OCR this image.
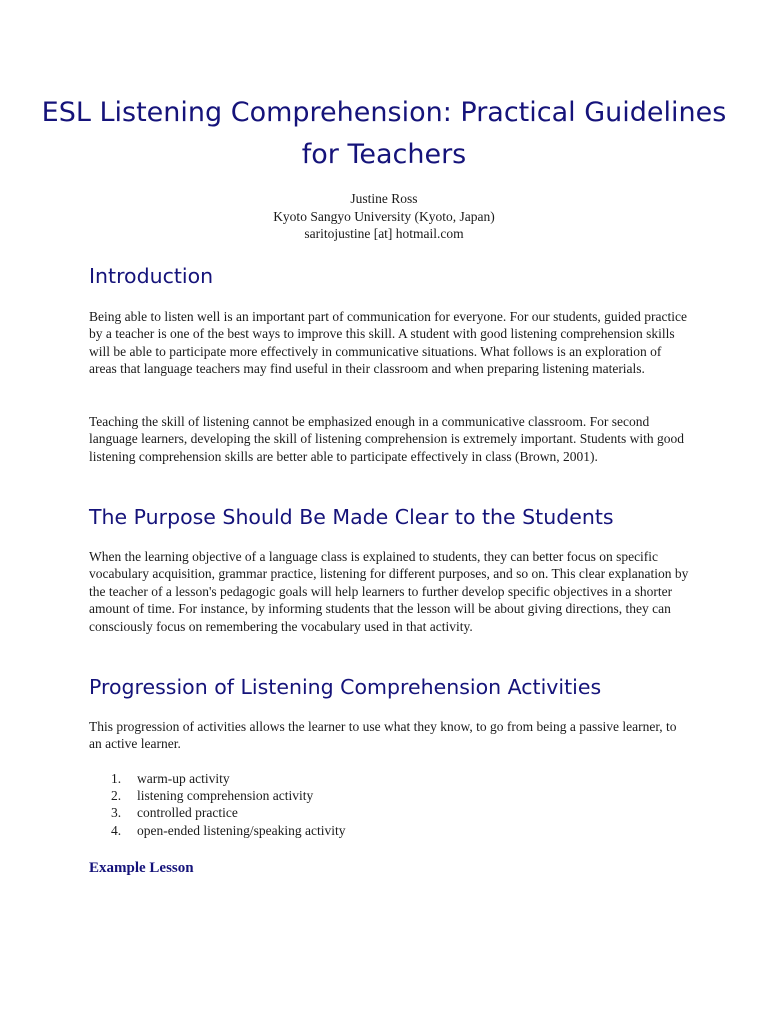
ESL Listening Comprehension: Practical Guidelines for Teachers
Justine Ross
Kyoto Sangyo University (Kyoto, Japan)
saritojustine [at] hotmail.com
Introduction

Being able to listen well is an important part of communication for everyone. For our students, guided practice by a teacher is one of the best ways to improve this skill. A student with good listening comprehension skills will be able to participate more effectively in communicative situations. What follows is an exploration of areas that language teachers may find useful in their classroom and when preparing listening materials.

Teaching the skill of listening cannot be emphasized enough in a communicative classroom. For second language learners, developing the skill of listening comprehension is extremely important. Students with good listening comprehension skills are better able to participate effectively in class (Brown, 2001).

The Purpose Should Be Made Clear to the Students

When the learning objective of a language class is explained to students, they can better focus on specific vocabulary acquisition, grammar practice, listening for different purposes, and so on. This clear explanation by the teacher of a lesson's pedagogic goals will help learners to further develop specific objectives in a shorter amount of time. For instance, by informing students that the lesson will be about giving directions, they can consciously focus on remembering the vocabulary used in that activity.

Progression of Listening Comprehension Activities

This progression of activities allows the learner to use what they know, to go from being a passive learner, to an active learner.

1.	warm-up activity
2.	listening comprehension activity
3.	controlled practice
4.	open-ended listening/speaking activity
Example Lesson
